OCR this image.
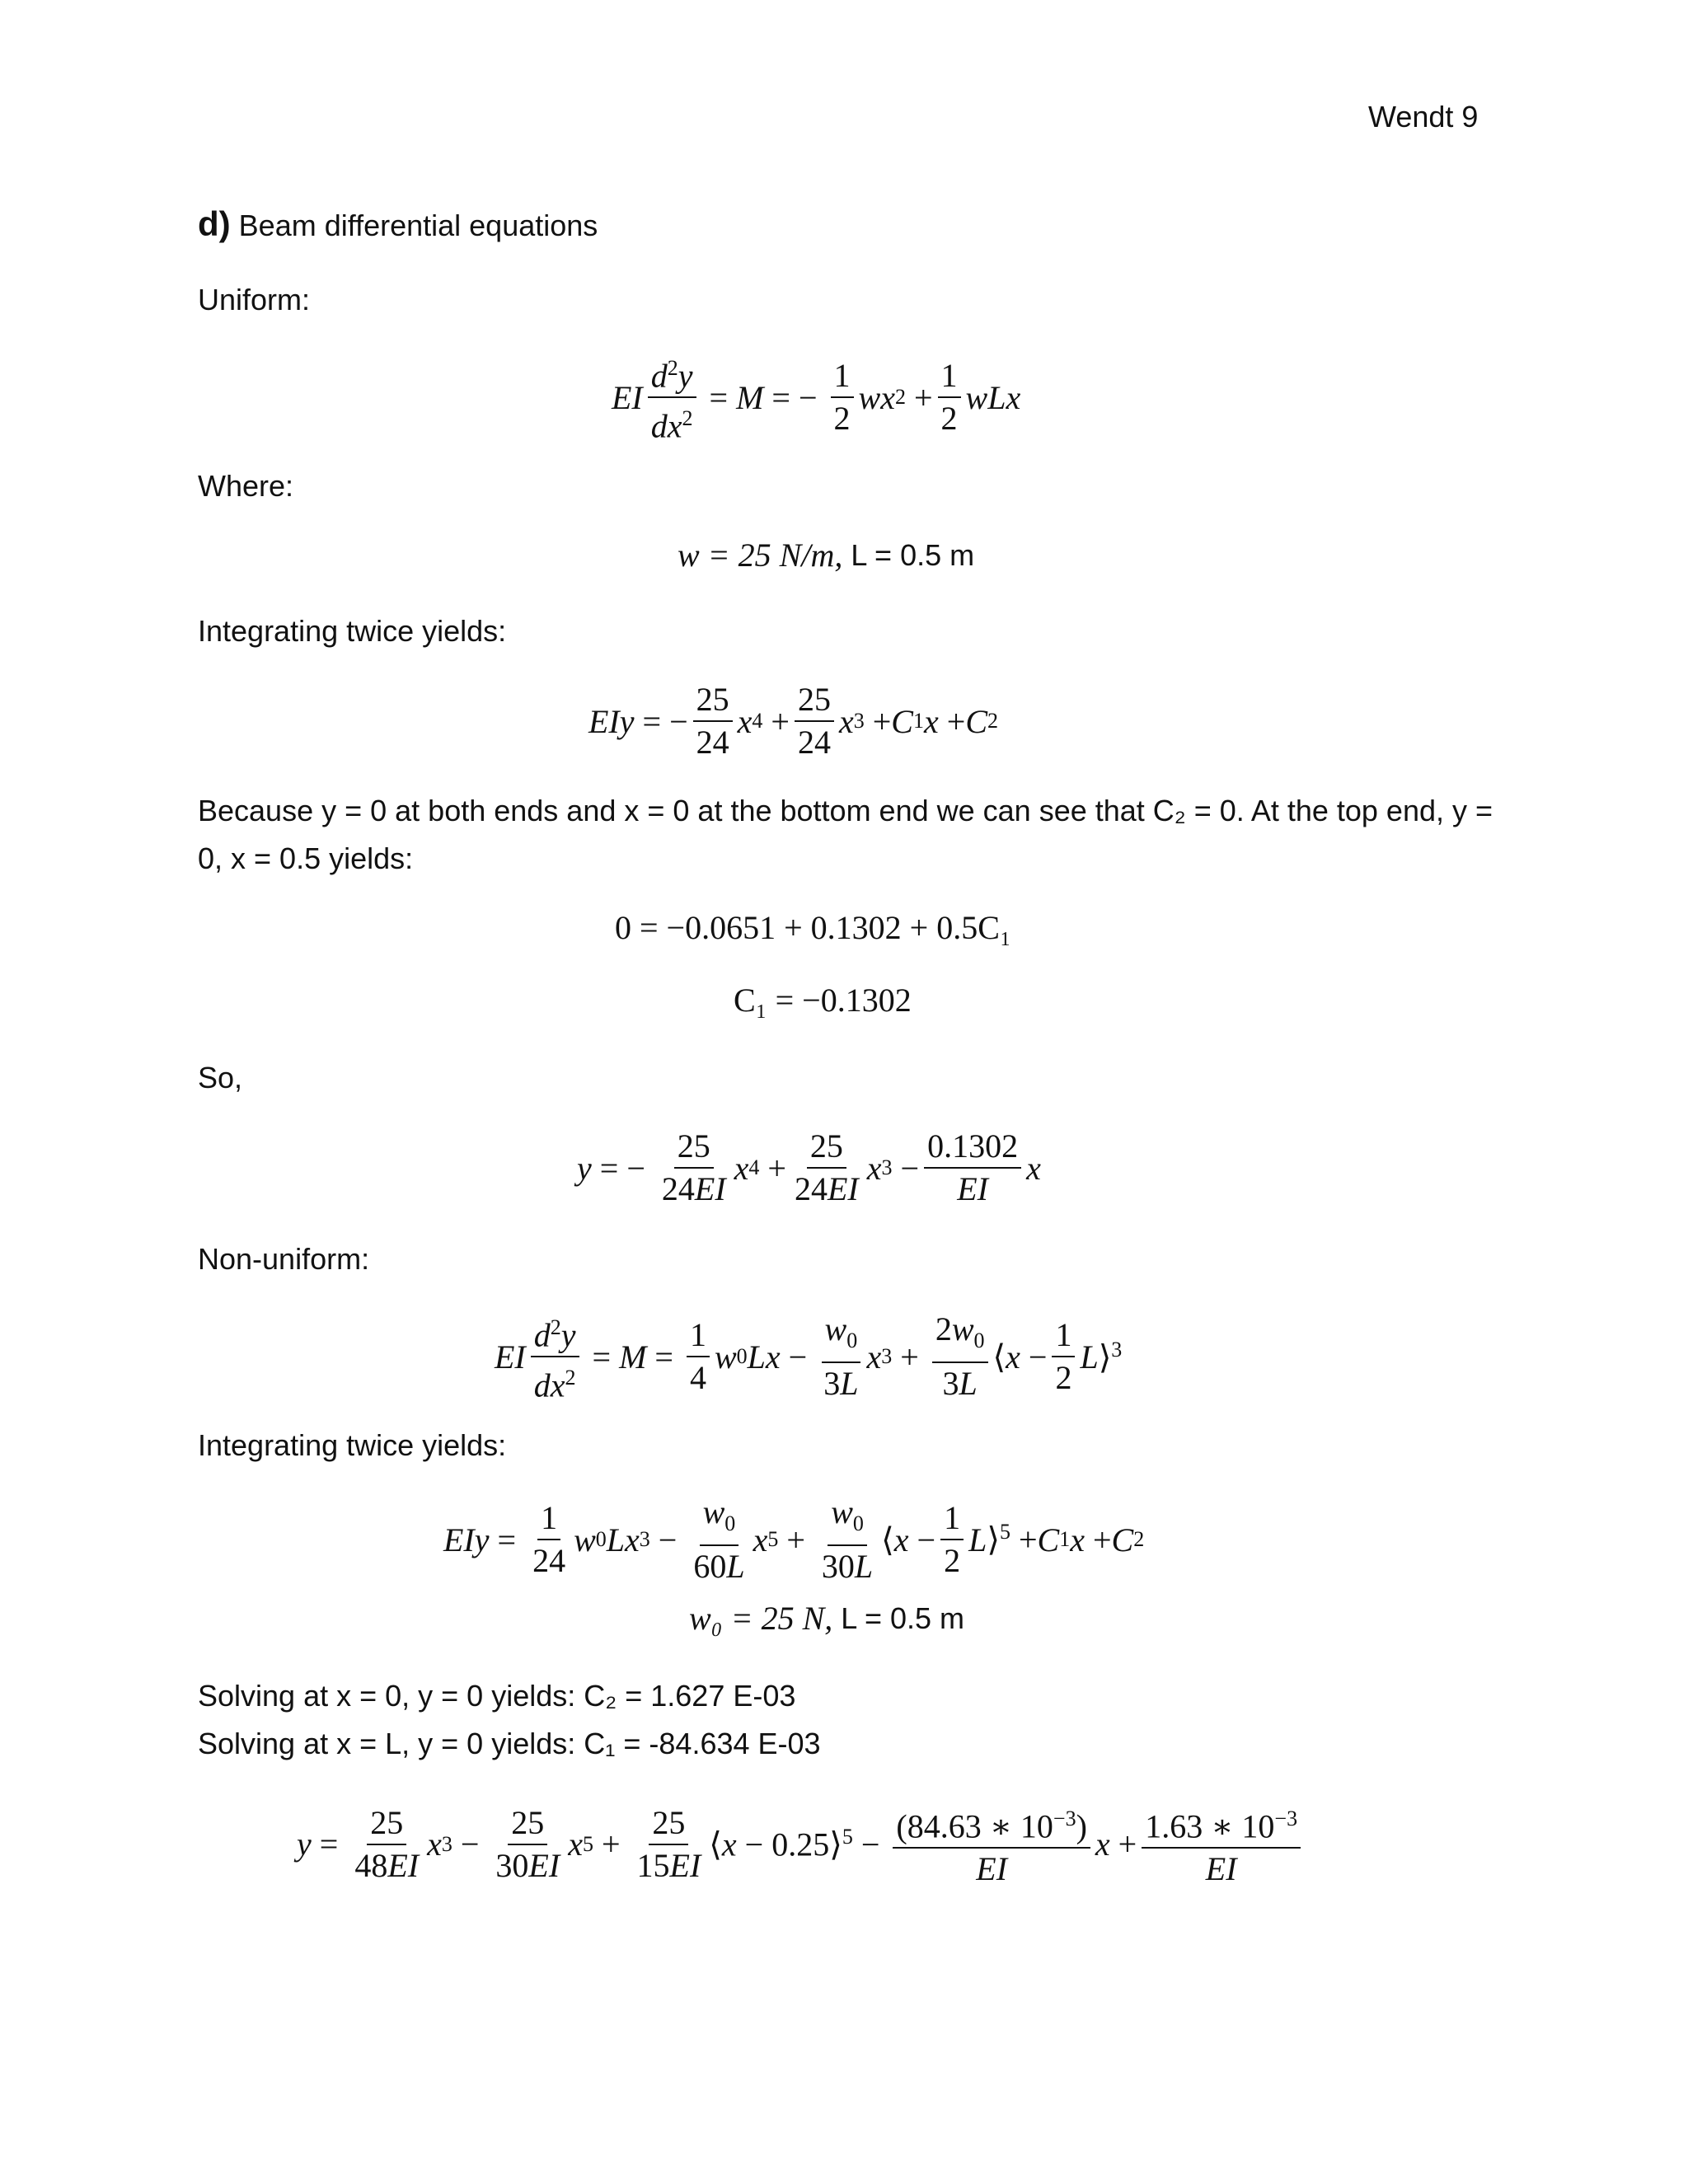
Wendt 9
d) Beam differential equations
Uniform:
EI $\frac{d^2y}{dx^2} = M$ = − $\frac{1}{2}$ wx $2 + \frac{1}{2}$ wLx
Where:
w = 25 N/m, L = 0.5 m
Integrating twice yields:
EIy = − $\frac{25}{24}$ x $4 + \frac{25}{24}$ x 3 + C 1 x + C 2
Because y = 0 at both ends and x = 0 at the bottom end we can see that C₂ = 0. At the top end, y = 0, x = 0.5 yields:
0 = −0.0651 + 0.1302 + 0.5C₁
C₁ = −0.1302
So,
y = − $\frac{25}{24EI}$ x $4 + \frac{25}{24EI}$ x $3 - \frac{0.1302}{EI}$ x
Non-uniform:
EI $\frac{d^2y}{dx^2} = M = \frac{1}{4}$ w 0 $Lx - \frac{w_0}{3L}$ x $3 + \frac{2w_0}{3L}$ ⟨x − $\frac{1}{2}$ L ⟩$^3$
Integrating twice yields:
EIy = $\frac{1}{24}$ w 0 Lx $3 - \frac{w_0}{60L}$ x $5 + \frac{w_0}{30L}$ ⟨x − $\frac{1}{2}$ L ⟩$^5$ + C 1 x + C 2
w₀ = 25 N, L = 0.5 m
Solving at x = 0, y = 0 yields: C₂ = 1.627 E-03
Solving at x = L, y = 0 yields: C₁ = -84.634 E-03
$y = \frac{25}{48EI}$ x $3 - \frac{25}{30EI}$ x $5 + \frac{25}{15EI}$ ⟨x − 0.25⟩$^5$ − $\frac{(84.63 ∗ 10^{-3})}{EI}$ $x + \frac{1.63 ∗ 10^{-3}}{EI}$
